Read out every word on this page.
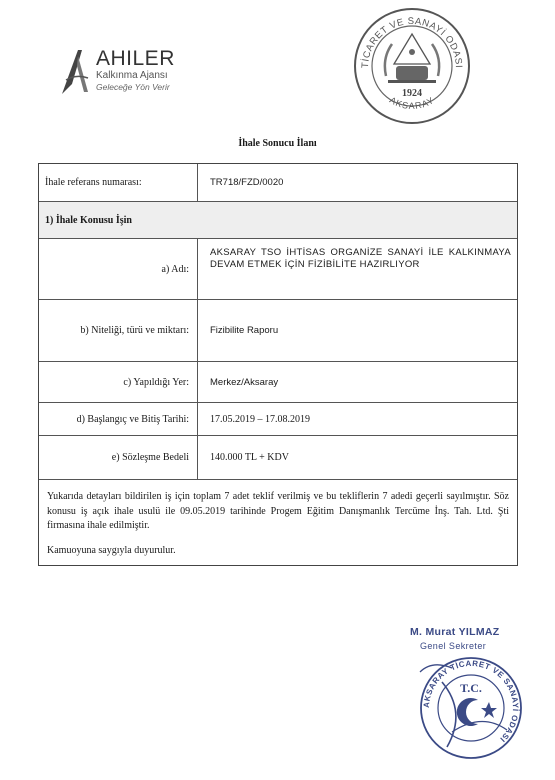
AHILER
Kalkınma Ajansı
Geleceğe Yön Verir
TİCARET VE SANAYİ ODASI
AKSARAY
1924
İhale Sonucu İlanı
İhale referans numarası:	TR718/FZD/0020
1) İhale Konusu İşin
a) Adı:
AKSARAY TSO İHTİSAS ORGANİZE SANAYİ İLE KALKINMAYA DEVAM ETMEK İÇİN FİZİBİLİTE HAZIRLIYOR
b) Niteliği, türü ve miktarı:	Fizibilite Raporu
c) Yapıldığı Yer:	Merkez/Aksaray
d) Başlangıç ve Bitiş Tarihi:	17.05.2019 – 17.08.2019
e) Sözleşme Bedeli	140.000 TL + KDV

Yukarıda detayları bildirilen iş için toplam 7 adet teklif verilmiş ve bu tekliflerin 7 adedi geçerli sayılmıştır. Söz konusu iş açık ihale usulü ile 09.05.2019 tarihinde Progem Eğitim Danışmanlık Tercüme İnş. Tah. Ltd. Şti firmasına ihale edilmiştir.

Kamuoyuna saygıyla duyurulur.

M. Murat YILMAZ
Genel Sekreter
AKSARAY TİCARET VE SANAYİ ODASI
T.C.
